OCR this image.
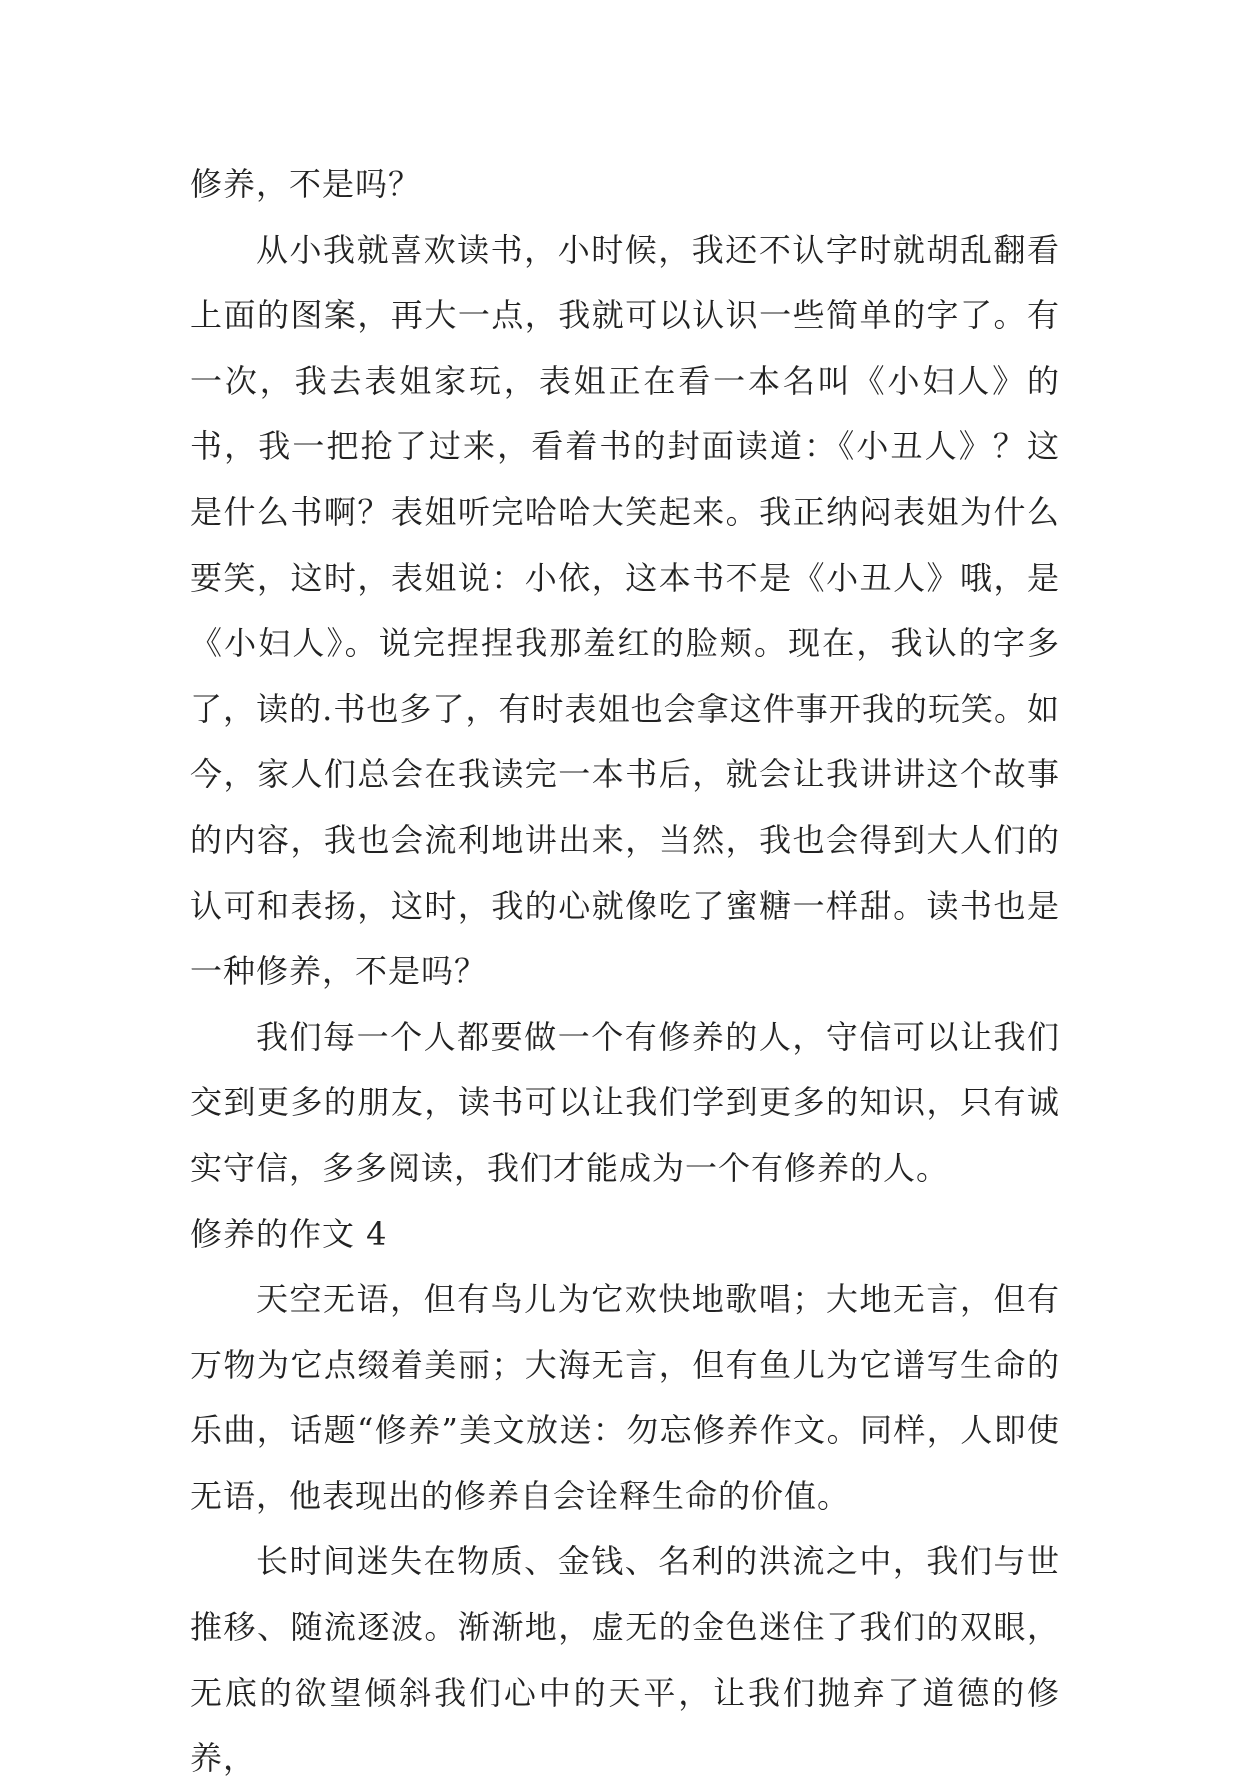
修养，不是吗？

从小我就喜欢读书，小时候，我还不认字时就胡乱翻看上面的图案，再大一点，我就可以认识一些简单的字了。有一次，我去表姐家玩，表姐正在看一本名叫《小妇人》的书，我一把抢了过来，看着书的封面读道：《小丑人》？这是什么书啊？表姐听完哈哈大笑起来。我正纳闷表姐为什么要笑，这时，表姐说：小依，这本书不是《小丑人》哦，是《小妇人》。说完捏捏我那羞红的脸颊。现在，我认的字多了，读的.书也多了，有时表姐也会拿这件事开我的玩笑。如今，家人们总会在我读完一本书后，就会让我讲讲这个故事的内容，我也会流利地讲出来，当然，我也会得到大人们的认可和表扬，这时，我的心就像吃了蜜糖一样甜。读书也是一种修养，不是吗？

我们每一个人都要做一个有修养的人，守信可以让我们交到更多的朋友，读书可以让我们学到更多的知识，只有诚实守信，多多阅读，我们才能成为一个有修养的人。

修养的作文 4

天空无语，但有鸟儿为它欢快地歌唱；大地无言，但有万物为它点缀着美丽；大海无言，但有鱼儿为它谱写生命的乐曲，话题“修养”美文放送：勿忘修养作文。同样，人即使无语，他表现出的修养自会诠释生命的价值。

长时间迷失在物质、金钱、名利的洪流之中，我们与世推移、随流逐波。渐渐地，虚无的金色迷住了我们的双眼，无底的欲望倾斜我们心中的天平，让我们抛弃了道德的修养，
